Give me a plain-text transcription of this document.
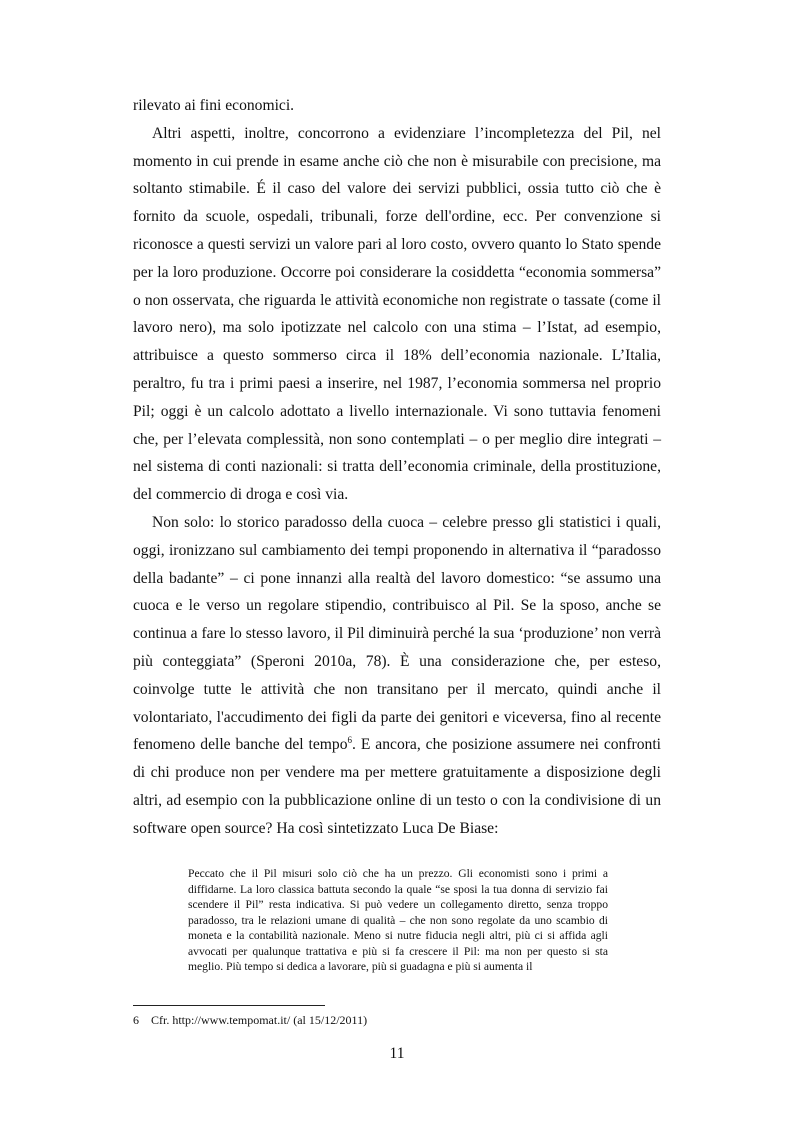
rilevato ai fini economici.

Altri aspetti, inoltre, concorrono a evidenziare l’incompletezza del Pil, nel momento in cui prende in esame anche ciò che non è misurabile con precisione, ma soltanto stimabile. É il caso del valore dei servizi pubblici, ossia tutto ciò che è fornito da scuole, ospedali, tribunali, forze dell'ordine, ecc. Per convenzione si riconosce a questi servizi un valore pari al loro costo, ovvero quanto lo Stato spende per la loro produzione. Occorre poi considerare la cosiddetta “economia sommersa” o non osservata, che riguarda le attività economiche non registrate o tassate (come il lavoro nero), ma solo ipotizzate nel calcolo con una stima – l’Istat, ad esempio, attribuisce a questo sommerso circa il 18% dell’economia nazionale. L’Italia, peraltro, fu tra i primi paesi a inserire, nel 1987, l’economia sommersa nel proprio Pil; oggi è un calcolo adottato a livello internazionale. Vi sono tuttavia fenomeni che, per l’elevata complessità, non sono contemplati – o per meglio dire integrati – nel sistema di conti nazionali: si tratta dell’economia criminale, della prostituzione, del commercio di droga e così via.

Non solo: lo storico paradosso della cuoca – celebre presso gli statistici i quali, oggi, ironizzano sul cambiamento dei tempi proponendo in alternativa il “paradosso della badante” – ci pone innanzi alla realtà del lavoro domestico: “se assumo una cuoca e le verso un regolare stipendio, contribuisco al Pil. Se la sposo, anche se continua a fare lo stesso lavoro, il Pil diminuirà perché la sua ‘produzione’ non verrà più conteggiata” (Speroni 2010a, 78). È una considerazione che, per esteso, coinvolge tutte le attività che non transitano per il mercato, quindi anche il volontariato, l'accudimento dei figli da parte dei genitori e viceversa, fino al recente fenomeno delle banche del tempo$^6$. E ancora, che posizione assumere nei confronti di chi produce non per vendere ma per mettere gratuitamente a disposizione degli altri, ad esempio con la pubblicazione online di un testo o con la condivisione di un software open source? Ha così sintetizzato Luca De Biase:

Peccato che il Pil misuri solo ciò che ha un prezzo. Gli economisti sono i primi a diffidarne. La loro classica battuta secondo la quale “se sposi la tua donna di servizio fai scendere il Pil” resta indicativa. Si può vedere un collegamento diretto, senza troppo paradosso, tra le relazioni umane di qualità – che non sono regolate da uno scambio di moneta e la contabilità nazionale. Meno si nutre fiducia negli altri, più ci si affida agli avvocati per qualunque trattativa e più si fa crescere il Pil: ma non per questo si sta meglio. Più tempo si dedica a lavorare, più si guadagna e più si aumenta il

6 Cfr. http://www.tempomat.it/ (al 15/12/2011)
11
